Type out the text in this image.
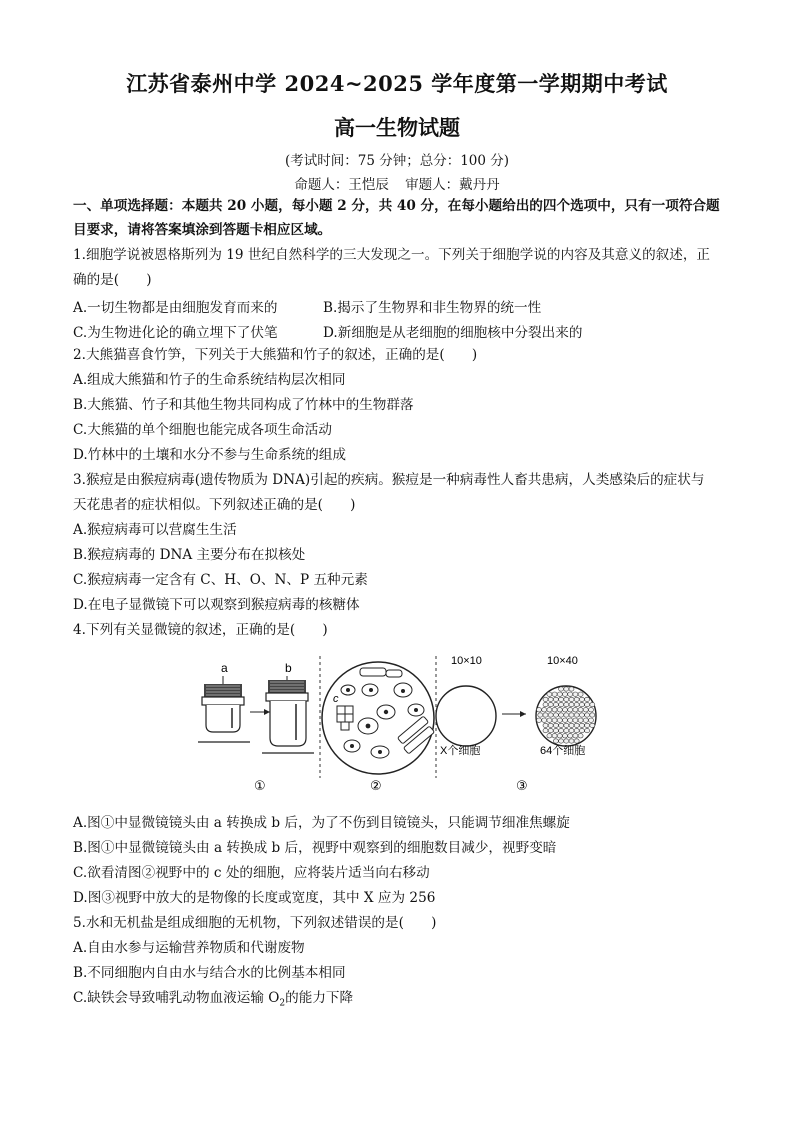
江苏省泰州中学 2024~2025 学年度第一学期期中考试
高一生物试题
(考试时间：75 分钟；总分：100 分)
命题人：王恺辰 审题人：戴丹丹
一、单项选择题：本题共 20 小题，每小题 2 分，共 40 分，在每小题给出的四个选项中，只有一项符合题
目要求，请将答案填涂到答题卡相应区域。
1.细胞学说被恩格斯列为 19 世纪自然科学的三大发现之一。下列关于细胞学说的内容及其意义的叙述，正
确的是(　　)
A.一切生物都是由细胞发育而来的	B.揭示了生物界和非生物界的统一性
C.为生物进化论的确立埋下了伏笔	D.新细胞是从老细胞的细胞核中分裂出来的
2.大熊猫喜食竹笋，下列关于大熊猫和竹子的叙述，正确的是(　　)
A.组成大熊猫和竹子的生命系统结构层次相同
B.大熊猫、竹子和其他生物共同构成了竹林中的生物群落
C.大熊猫的单个细胞也能完成各项生命活动
D.竹林中的土壤和水分不参与生命系统的组成
3.猴痘是由猴痘病毒(遗传物质为 DNA)引起的疾病。猴痘是一种病毒性人畜共患病，人类感染后的症状与
天花患者的症状相似。下列叙述正确的是(　　)
A.猴痘病毒可以营腐生生活
B.猴痘病毒的 DNA 主要分布在拟核处
C.猴痘病毒一定含有 C、H、O、N、P 五种元素
D.在电子显微镜下可以观察到猴痘病毒的核糖体
4.下列有关显微镜的叙述，正确的是(　　)
a	b
①
c
②
10×10	10×40
X个细胞	64个细胞
③
A.图①中显微镜镜头由 a 转换成 b 后，为了不伤到目镜镜头，只能调节细准焦螺旋
B.图①中显微镜镜头由 a 转换成 b 后，视野中观察到的细胞数目减少，视野变暗
C.欲看清图②视野中的 c 处的细胞，应将装片适当向右移动
D.图③视野中放大的是物像的长度或宽度，其中 X 应为 256
5.水和无机盐是组成细胞的无机物，下列叙述错误的是(　　)
A.自由水参与运输营养物质和代谢废物
B.不同细胞内自由水与结合水的比例基本相同
C.缺铁会导致哺乳动物血液运输 $O_2$的能力下降
